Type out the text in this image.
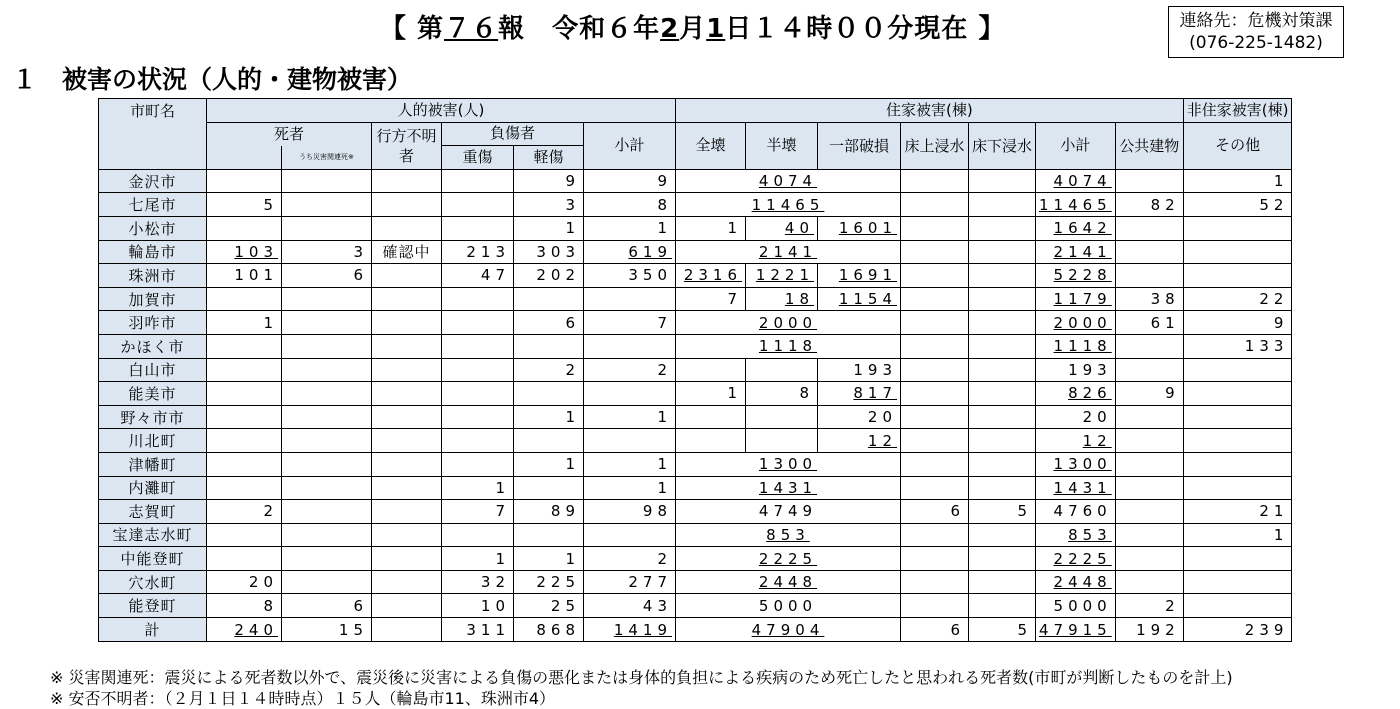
【 第７６報　令和６年2月1日１４時００分現在 】	連絡先：危機対策課
(076-225-1482)
１　被害の状況（人的・建物被害）
市町名	人的被害(人)						住家被害(棟)							非住家被害(棟)
	死者		行方不明者	負傷者		小計	全壊	半壊	一部破損	床上浸水	床下浸水	小計	公共建物	その他
		うち災害関連死※		重傷	軽傷									
金沢市					9	9	4074					4074		1
七尾市	5				3	8	11465					11465	82	52
小松市					1	1	1	40	1601			1642		
輪島市	103	3	確認中	213	303	619	2141					2141		
珠洲市	101	6		47	202	350	2316	1221	1691			5228		
加賀市							7	18	1154			1179	38	22
羽咋市	1				6	7	2000					2000	61	9
かほく市							1118					1118		133
白山市					2	2			193			193		
能美市							1	8	817			826	9	
野々市市					1	1			20			20		
川北町									12			12		
津幡町					1	1	1300					1300		
内灘町				1		1	1431					1431		
志賀町	2			7	89	98	4749			6	5	4760		21
宝達志水町							853					853		1
中能登町				1	1	2	2225					2225		
穴水町	20			32	225	277	2448					2448		
能登町	8	6		10	25	43	5000					5000	2	
計	240	15		311	868	1419	47904			6	5	47915	192	239
※ 災害関連死：震災による死者数以外で、震災後に災害による負傷の悪化または身体的負担による疾病のため死亡したと思われる死者数(市町が判断したものを計上)
※ 安否不明者：（２月１日１４時時点）１５人（輪島市11、珠洲市4）
